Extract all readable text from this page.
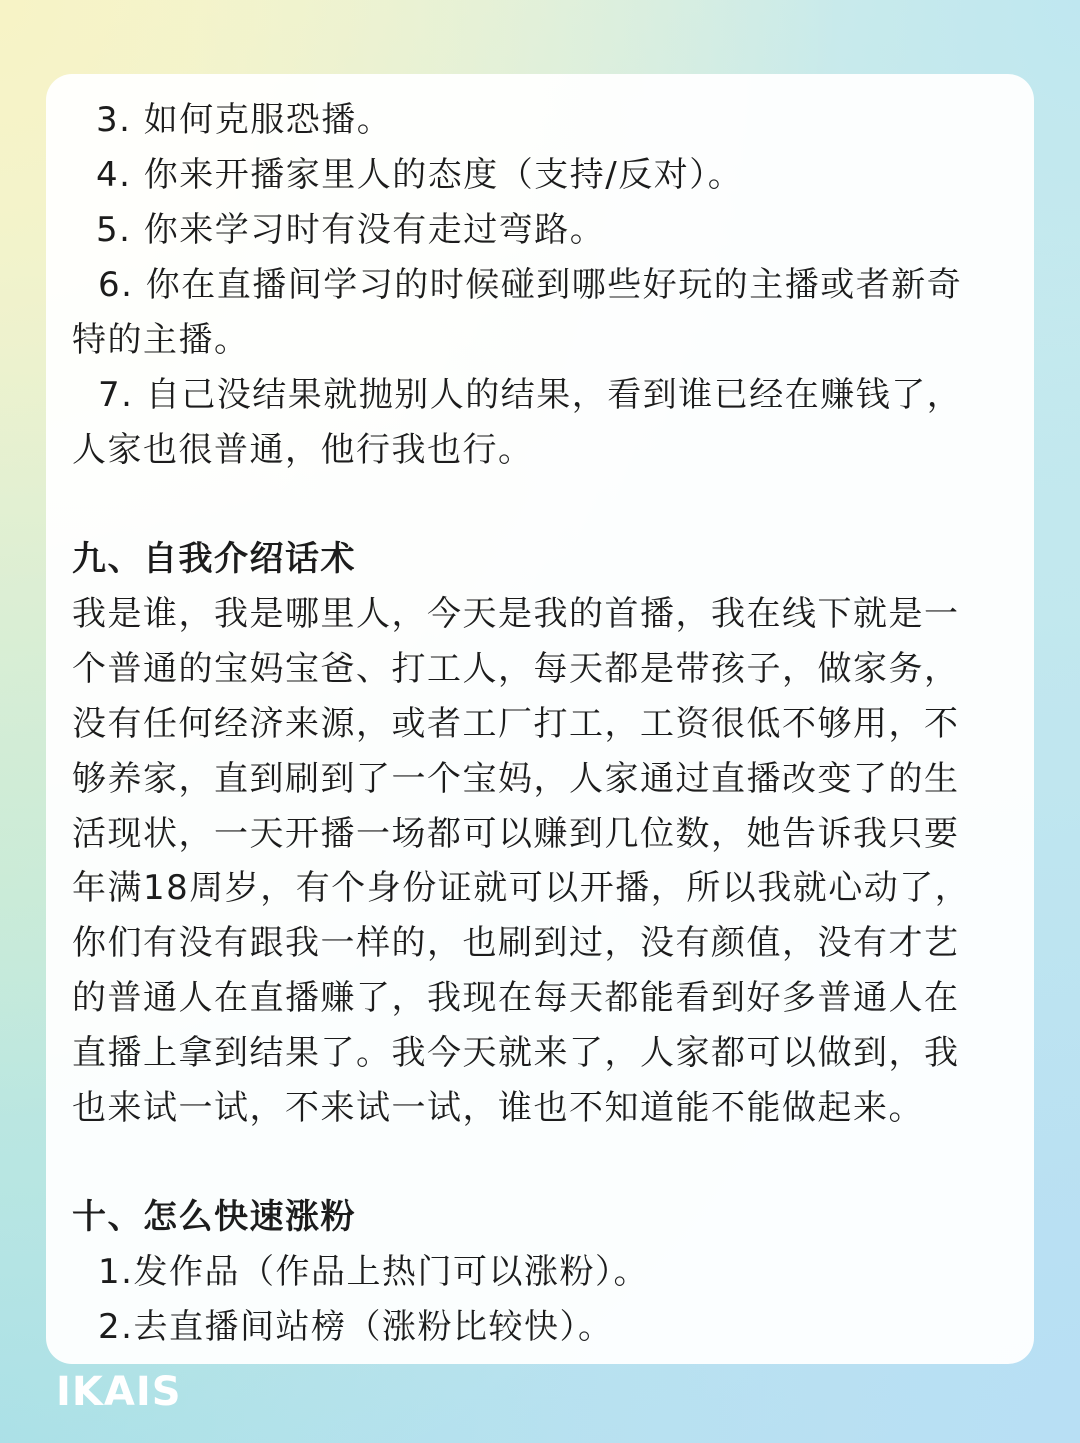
3. 如何克服恐播。

4. 你来开播家里人的态度（支持/反对）。

5. 你来学习时有没有走过弯路。

6. 你在直播间学习的时候碰到哪些好玩的主播或者新奇

特的主播。

7. 自己没结果就抛别人的结果，看到谁已经在赚钱了，

人家也很普通，他行我也行。

九、自我介绍话术

我是谁，我是哪里人，今天是我的首播，我在线下就是一

个普通的宝妈宝爸、打工人，每天都是带孩子，做家务，

没有任何经济来源，或者工厂打工，工资很低不够用，不

够养家，直到刷到了一个宝妈，人家通过直播改变了的生

活现状，一天开播一场都可以赚到几位数，她告诉我只要

年满18周岁，有个身份证就可以开播，所以我就心动了，

你们有没有跟我一样的，也刷到过，没有颜值，没有才艺

的普通人在直播赚了，我现在每天都能看到好多普通人在

直播上拿到结果了。我今天就来了，人家都可以做到，我

也来试一试，不来试一试，谁也不知道能不能做起来。

十、怎么快速涨粉

1.发作品（作品上热门可以涨粉）。

2.去直播间站榜（涨粉比较快）。

IKAIS
